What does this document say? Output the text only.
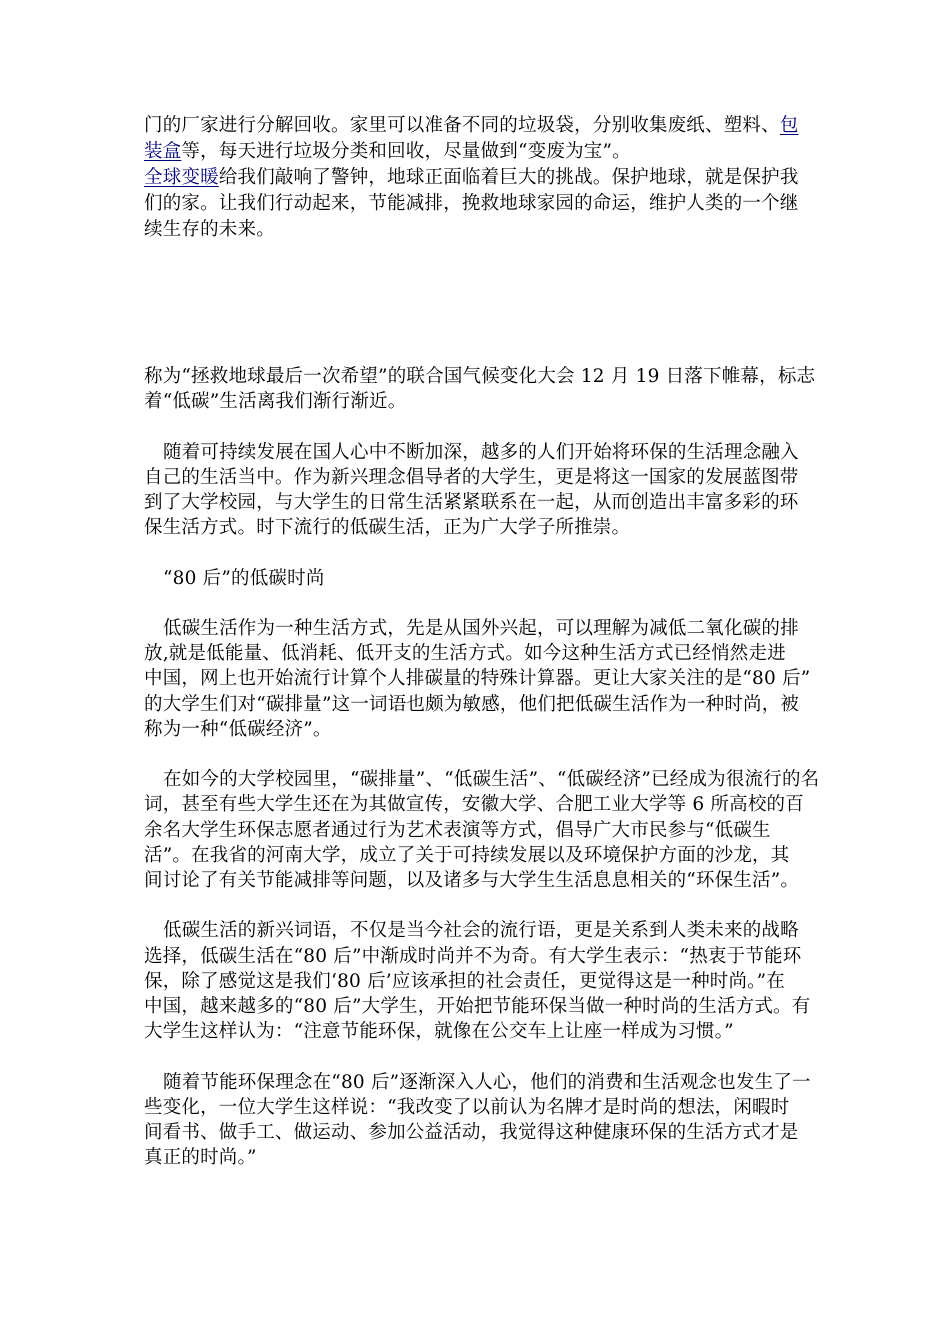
门的厂家进行分解回收。家里可以准备不同的垃圾袋，分别收集废纸、塑料、包
装盒等，每天进行垃圾分类和回收，尽量做到“变废为宝”。
全球变暖给我们敲响了警钟，地球正面临着巨大的挑战。保护地球，就是保护我
们的家。让我们行动起来，节能减排，挽救地球家园的命运，维护人类的一个继
续生存的未来。

称为“拯救地球最后一次希望”的联合国气候变化大会 12 月 19 日落下帷幕，标志
着“低碳”生活离我们渐行渐近。

随着可持续发展在国人心中不断加深，越多的人们开始将环保的生活理念融入
自己的生活当中。作为新兴理念倡导者的大学生，更是将这一国家的发展蓝图带
到了大学校园，与大学生的日常生活紧紧联系在一起，从而创造出丰富多彩的环
保生活方式。时下流行的低碳生活，正为广大学子所推崇。

“80 后”的低碳时尚

低碳生活作为一种生活方式，先是从国外兴起，可以理解为减低二氧化碳的排
放,就是低能量、低消耗、低开支的生活方式。如今这种生活方式已经悄然走进
中国，网上也开始流行计算个人排碳量的特殊计算器。更让大家关注的是“80 后”
的大学生们对“碳排量”这一词语也颇为敏感，他们把低碳生活作为一种时尚，被
称为一种“低碳经济”。

在如今的大学校园里，“碳排量”、“低碳生活”、“低碳经济”已经成为很流行的名
词，甚至有些大学生还在为其做宣传，安徽大学、合肥工业大学等 6 所高校的百
余名大学生环保志愿者通过行为艺术表演等方式，倡导广大市民参与“低碳生
活”。在我省的河南大学，成立了关于可持续发展以及环境保护方面的沙龙，其
间讨论了有关节能减排等问题，以及诸多与大学生生活息息相关的“环保生活”。

低碳生活的新兴词语，不仅是当今社会的流行语，更是关系到人类未来的战略
选择，低碳生活在“80 后”中渐成时尚并不为奇。有大学生表示：“热衷于节能环
保，除了感觉这是我们‘80 后’应该承担的社会责任，更觉得这是一种时尚。”在
中国，越来越多的“80 后”大学生，开始把节能环保当做一种时尚的生活方式。有
大学生这样认为：“注意节能环保，就像在公交车上让座一样成为习惯。”

随着节能环保理念在“80 后”逐渐深入人心，他们的消费和生活观念也发生了一
些变化，一位大学生这样说：“我改变了以前认为名牌才是时尚的想法，闲暇时
间看书、做手工、做运动、参加公益活动，我觉得这种健康环保的生活方式才是
真正的时尚。”
